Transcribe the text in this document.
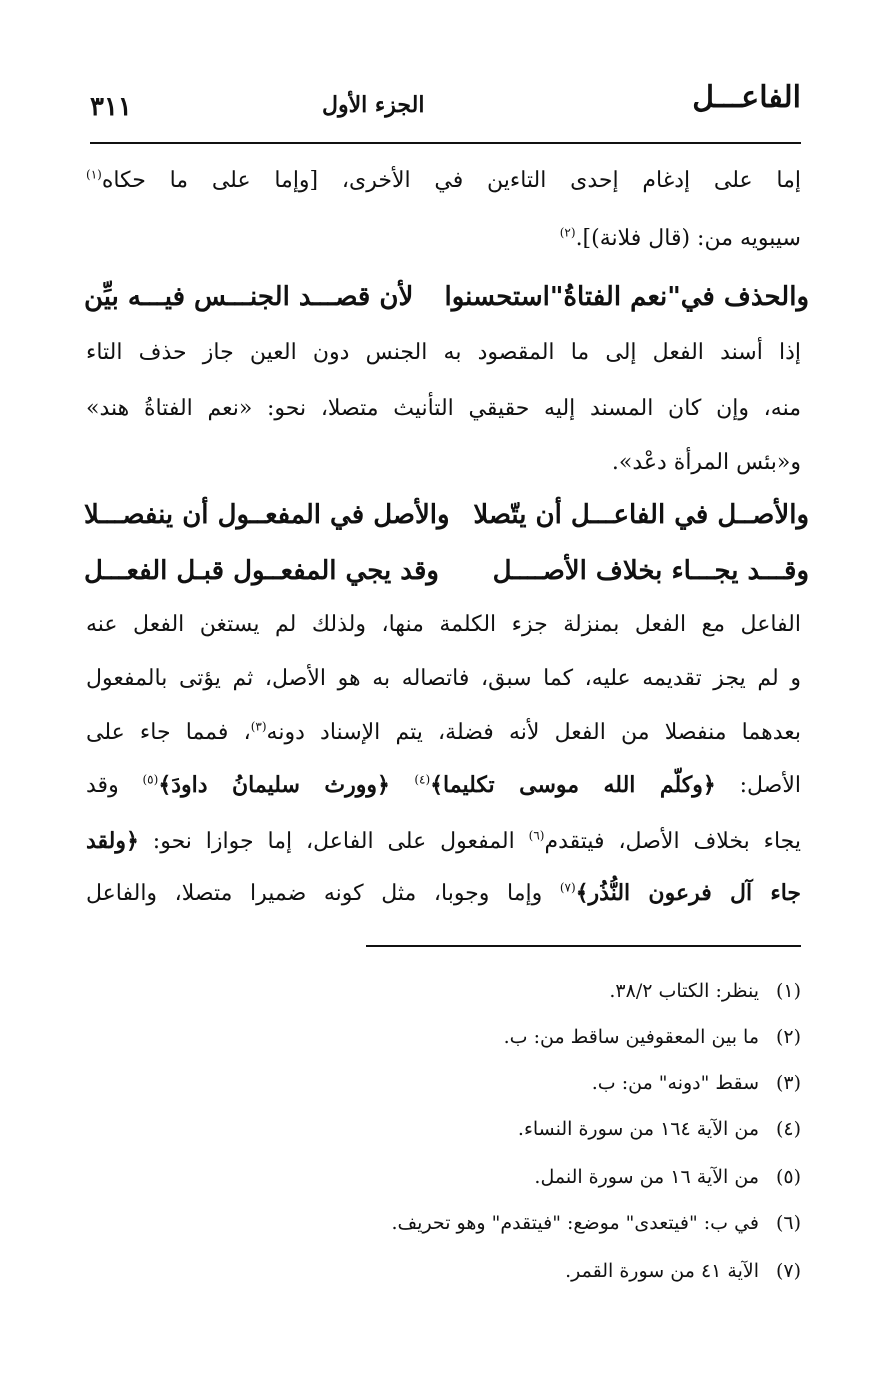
الفاعـــل
الجزء الأول
٣١١
إما على إدغام إحدى التاءين في الأخرى، [وإما على ما حكاه$^{(١)}$
سيبويه من: (قال فلانة)].$^{(٢)}$
والحذف في"نعم الفتاةُ"استحسنوا
لأن قصـــد الجنـــس فيـــه بيِّن
إذا أسند الفعل إلى ما المقصود به الجنس دون العين جاز حذف التاء
منه، وإن كان المسند إليه حقيقي التأنيث متصلا، نحو: «نعم الفتاةُ هند»
و«بئس المرأة دعْد».
والأصــل في الفاعـــل أن يتّصلا
والأصل في المفعــول أن ينفصـــلا
وقـــد يجـــاء بخلاف الأصــــل
وقد يجي المفعــول قبـل الفعـــل
الفاعل مع الفعل بمنزلة جزء الكلمة منها، ولذلك لم يستغن الفعل عنه
و لم يجز تقديمه عليه، كما سبق، فاتصاله به هو الأصل، ثم يؤتى بالمفعول
بعدهما منفصلا من الفعل لأنه فضلة، يتم الإسناد دونه$^{(٣)}$، فمما جاء على
الأصل: ﴿وكلّم الله موسى تكليما﴾$^{(٤)}$ ﴿وورث سليمانُ داودَ﴾$^{(٥)}$ وقد
يجاء بخلاف الأصل، فيتقدم$^{(٦)}$ المفعول على الفاعل، إما جوازا نحو: ﴿ولقد
جاء آل فرعون النُّذُر﴾$^{(٧)}$ وإما وجوبا، مثل كونه ضميرا متصلا، والفاعل
(١)ينظر: الكتاب ٣٨/٢.
(٢)ما بين المعقوفين ساقط من: ب.
(٣)سقط "دونه" من: ب.
(٤)من الآية ١٦٤ من سورة النساء.
(٥)من الآية ١٦ من سورة النمل.
(٦)في ب: "فيتعدى" موضع: "فيتقدم" وهو تحريف.
(٧)الآية ٤١ من سورة القمر.
